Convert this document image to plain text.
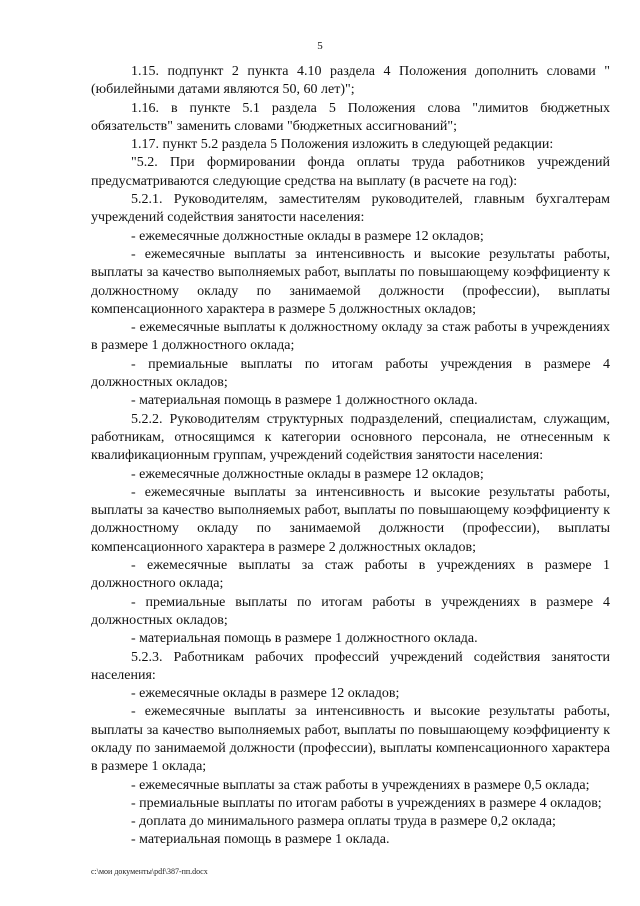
5

1.15. подпункт 2 пункта 4.10 раздела 4 Положения дополнить словами "(юбилейными датами являются 50, 60 лет)";

1.16. в пункте 5.1 раздела 5 Положения слова "лимитов бюджетных обязательств" заменить словами "бюджетных ассигнований";

1.17. пункт 5.2 раздела 5 Положения изложить в следующей редакции:

"5.2. При формировании фонда оплаты труда работников учреждений предусматриваются следующие средства на выплату (в расчете на год):

5.2.1. Руководителям, заместителям руководителей, главным бухгалтерам учреждений содействия занятости населения:

- ежемесячные должностные оклады в размере 12 окладов;

- ежемесячные выплаты за интенсивность и высокие результаты работы, выплаты за качество выполняемых работ, выплаты по повышающему коэффициенту к должностному окладу по занимаемой должности (профессии), выплаты компенсационного характера в размере 5 должностных окладов;

- ежемесячные выплаты к должностному окладу за стаж работы в учреждениях в размере 1 должностного оклада;

- премиальные выплаты по итогам работы учреждения в размере 4 должностных окладов;

- материальная помощь в размере 1 должностного оклада.

5.2.2. Руководителям структурных подразделений, специалистам, служащим, работникам, относящимся к категории основного персонала, не отнесенным к квалификационным группам, учреждений содействия занятости населения:

- ежемесячные должностные оклады в размере 12 окладов;

- ежемесячные выплаты за интенсивность и высокие результаты работы, выплаты за качество выполняемых работ, выплаты по повышающему коэффициенту к должностному окладу по занимаемой должности (профессии), выплаты компенсационного характера в размере 2 должностных окладов;

- ежемесячные выплаты за стаж работы в учреждениях в размере 1 должностного оклада;

- премиальные выплаты по итогам работы в учреждениях в размере 4 должностных окладов;

- материальная помощь в размере 1 должностного оклада.

5.2.3. Работникам рабочих профессий учреждений содействия занятости населения:

- ежемесячные оклады в размере 12 окладов;

- ежемесячные выплаты за интенсивность и высокие результаты работы, выплаты за качество выполняемых работ, выплаты по повышающему коэффициенту к окладу по занимаемой должности (профессии), выплаты компенсационного характера в размере 1 оклада;

- ежемесячные выплаты за стаж работы в учреждениях в размере 0,5 оклада;

- премиальные выплаты по итогам работы в учреждениях в размере 4 окладов;

- доплата до минимального размера оплаты труда в размере 0,2 оклада;

- материальная помощь в размере 1 оклада.

c:\мои документы\pdf\387-пп.docx
